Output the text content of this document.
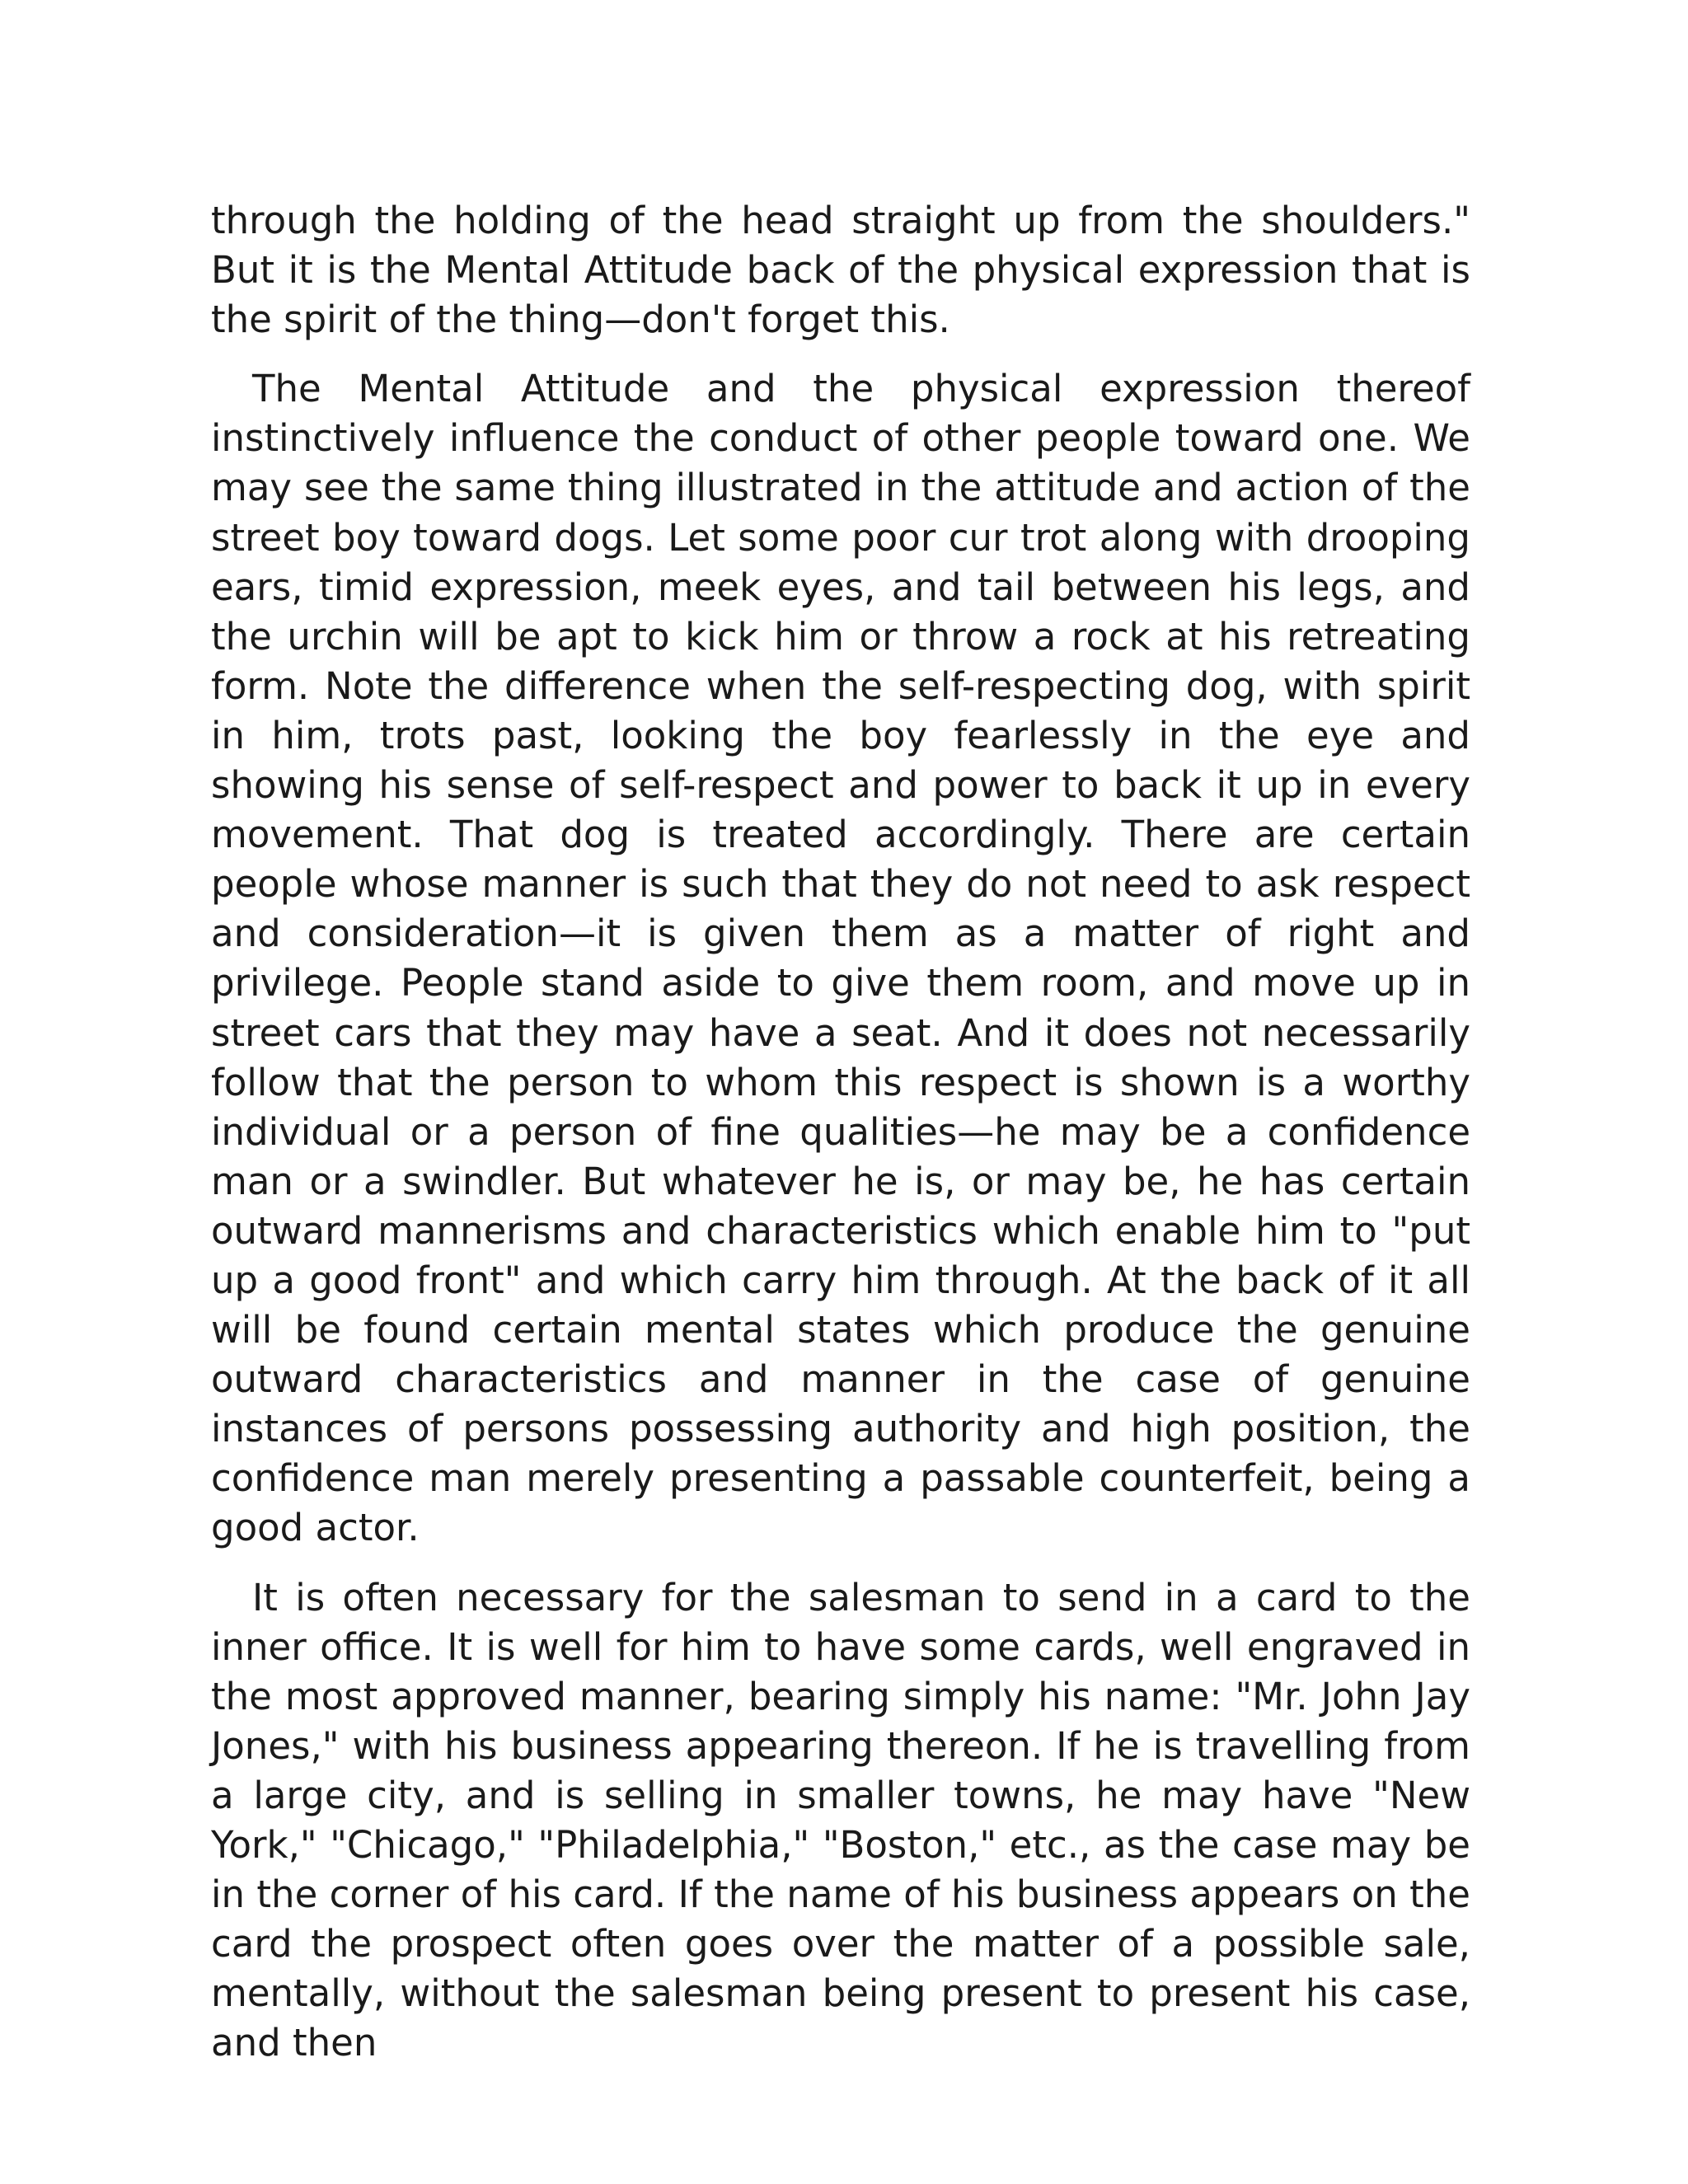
through the holding of the head straight up from the shoulders." But it is the Mental Attitude back of the physical expression that is the spirit of the thing—don't forget this.

The Mental Attitude and the physical expression thereof instinctively influence the conduct of other people toward one. We may see the same thing illustrated in the attitude and action of the street boy toward dogs. Let some poor cur trot along with drooping ears, timid expression, meek eyes, and tail between his legs, and the urchin will be apt to kick him or throw a rock at his retreating form. Note the difference when the self-respecting dog, with spirit in him, trots past, looking the boy fearlessly in the eye and showing his sense of self-respect and power to back it up in every movement. That dog is treated accordingly. There are certain people whose manner is such that they do not need to ask respect and consideration—it is given them as a matter of right and privilege. People stand aside to give them room, and move up in street cars that they may have a seat. And it does not necessarily follow that the person to whom this respect is shown is a worthy individual or a person of fine qualities—he may be a confidence man or a swindler. But whatever he is, or may be, he has certain outward mannerisms and characteristics which enable him to "put up a good front" and which carry him through. At the back of it all will be found certain mental states which produce the genuine outward characteristics and manner in the case of genuine instances of persons possessing authority and high position, the confidence man merely presenting a passable counterfeit, being a good actor.

It is often necessary for the salesman to send in a card to the inner office. It is well for him to have some cards, well engraved in the most approved manner, bearing simply his name: "Mr. John Jay Jones," with his business appearing thereon. If he is travelling from a large city, and is selling in smaller towns, he may have "New York," "Chicago," "Philadelphia," "Boston," etc., as the case may be in the corner of his card. If the name of his business appears on the card the prospect often goes over the matter of a possible sale, mentally, without the salesman being present to present his case, and then
